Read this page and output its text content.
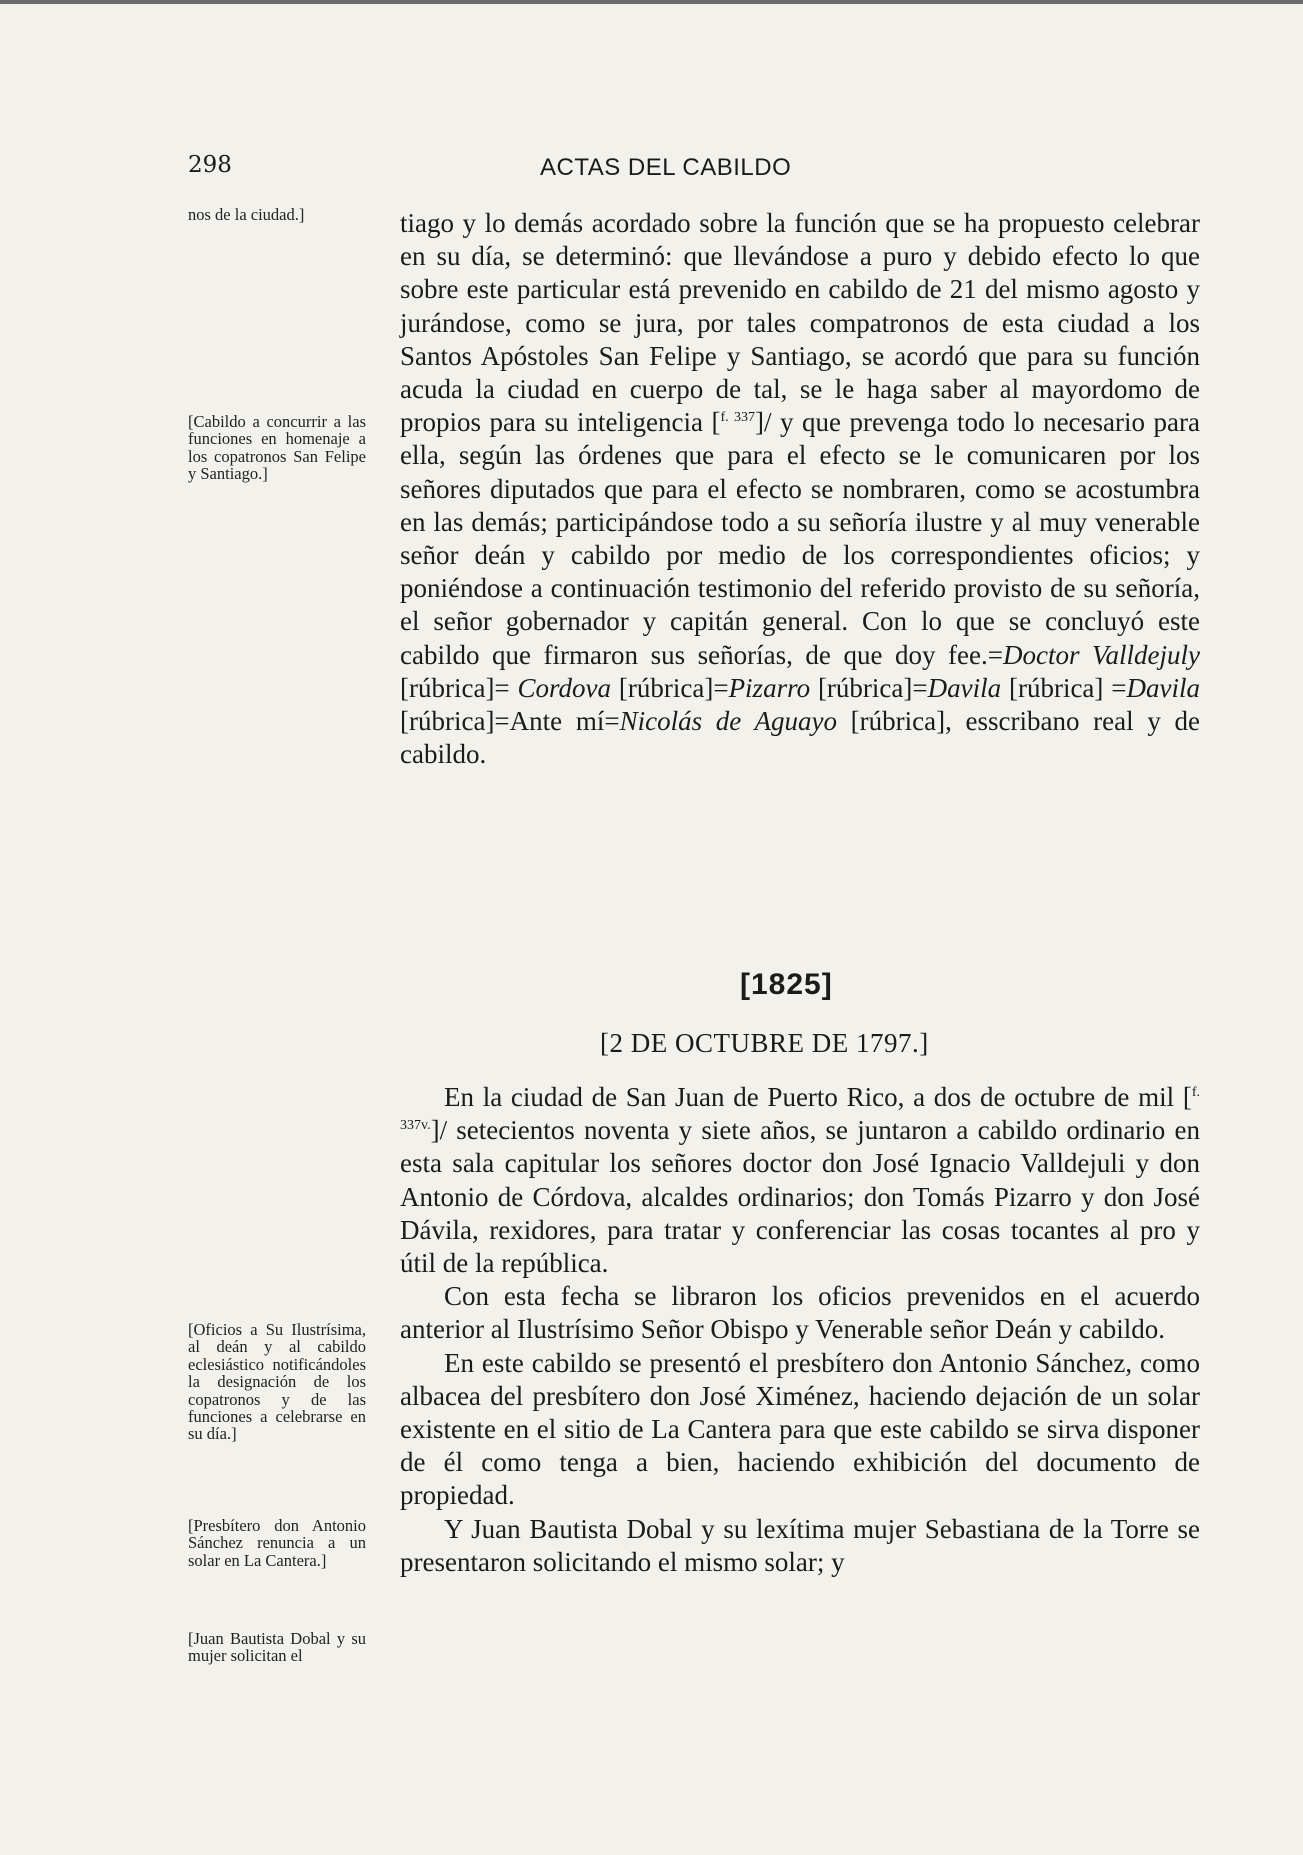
298	ACTAS DEL CABILDO

nos de la ciudad.]

[Cabildo a concurrir a las funciones en homenaje a los copatronos San Felipe y Santiago.]

[Oficios a Su Ilustrísima, al deán y al cabildo eclesiástico notificándoles la designación de los copatronos y de las funciones a celebrarse en su día.]

[Presbítero don Antonio Sánchez renuncia a un solar en La Cantera.]

[Juan Bautista Dobal y su mujer solicitan el

tiago y lo demás acordado sobre la función que se ha propuesto celebrar en su día, se determinó: que llevándose a puro y debido efecto lo que sobre este particular está prevenido en cabildo de 21 del mismo agosto y jurándose, como se jura, por tales compatronos de esta ciudad a los Santos Apóstoles San Felipe y Santiago, se acordó que para su función acuda la ciudad en cuerpo de tal, se le haga saber al mayordomo de propios para su inteligencia [$^{f. 337}$]/ y que prevenga todo lo necesario para ella, según las órdenes que para el efecto se le comunicaren por los señores diputados que para el efecto se nombraren, como se acostumbra en las demás; participándose todo a su señoría ilustre y al muy venerable señor deán y cabildo por medio de los correspondientes oficios; y poniéndose a continuación testimonio del referido provisto de su señoría, el señor gobernador y capitán general. Con lo que se concluyó este cabildo que firmaron sus señorías, de que doy fee.=Doctor Valldejuly [rúbrica]= Cordova [rúbrica]=Pizarro [rúbrica]=Davila [rúbrica] =Davila [rúbrica]=Ante mí=Nicolás de Aguayo [rúbrica], esscribano real y de cabildo.

[1825]
[2 DE OCTUBRE DE 1797.]

En la ciudad de San Juan de Puerto Rico, a dos de octubre de mil [$^{f. 337v.}$]/ setecientos noventa y siete años, se juntaron a cabildo ordinario en esta sala capitular los señores doctor don José Ignacio Valldejuli y don Antonio de Córdova, alcaldes ordinarios; don Tomás Pizarro y don José Dávila, rexidores, para tratar y conferenciar las cosas tocantes al pro y útil de la república.

Con esta fecha se libraron los oficios prevenidos en el acuerdo anterior al Ilustrísimo Señor Obispo y Venerable señor Deán y cabildo.

En este cabildo se presentó el presbítero don Antonio Sánchez, como albacea del presbítero don José Ximénez, haciendo dejación de un solar existente en el sitio de La Cantera para que este cabildo se sirva disponer de él como tenga a bien, haciendo exhibición del documento de propiedad.

Y Juan Bautista Dobal y su lexítima mujer Sebastiana de la Torre se presentaron solicitando el mismo solar; y
